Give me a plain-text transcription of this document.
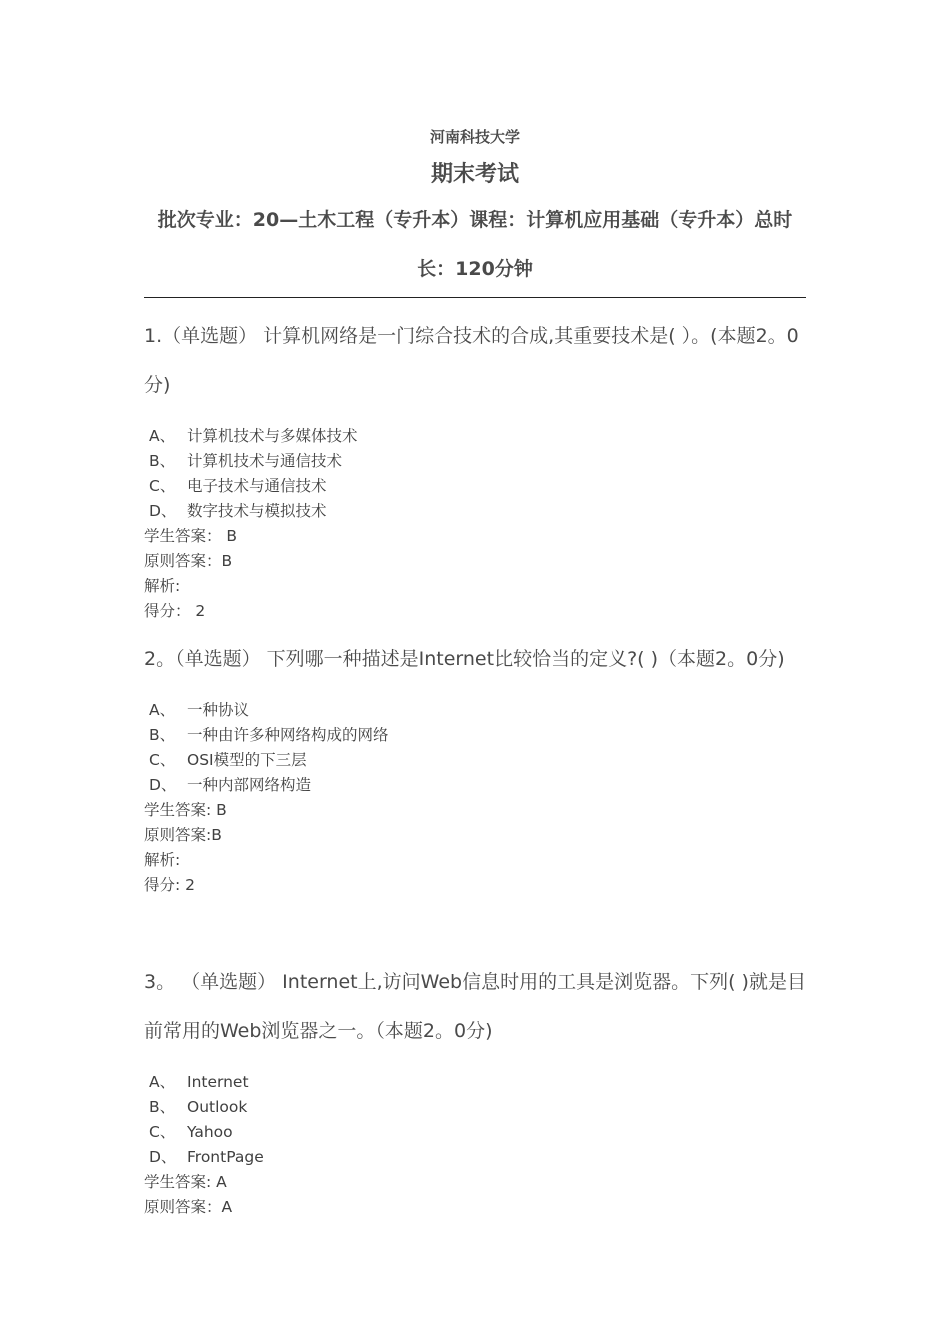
河南科技大学
期末考试
批次专业：20—土木工程（专升本）课程：计算机应用基础（专升本）总时长：120分钟
1.（单选题） 计算机网络是一门综合技术的合成,其重要技术是( ）。(本题2。0分)
A、 计算机技术与多媒体技术
B、 计算机技术与通信技术
C、 电子技术与通信技术
D、 数字技术与模拟技术
学生答案： B
原则答案：B
解析:
得分： 2
2。（单选题） 下列哪一种描述是Internet比较恰当的定义?( )（本题2。0分)
A、 一种协议
B、 一种由许多种网络构成的网络
C、 OSI模型的下三层
D、 一种内部网络构造
学生答案: B
原则答案:B
解析:
得分: 2
3。 （单选题） Internet上,访问Web信息时用的工具是浏览器。下列( )就是目前常用的Web浏览器之一。（本题2。0分)
A、 Internet
B、 Outlook
C、 Yahoo
D、 FrontPage
学生答案: A
原则答案：A
